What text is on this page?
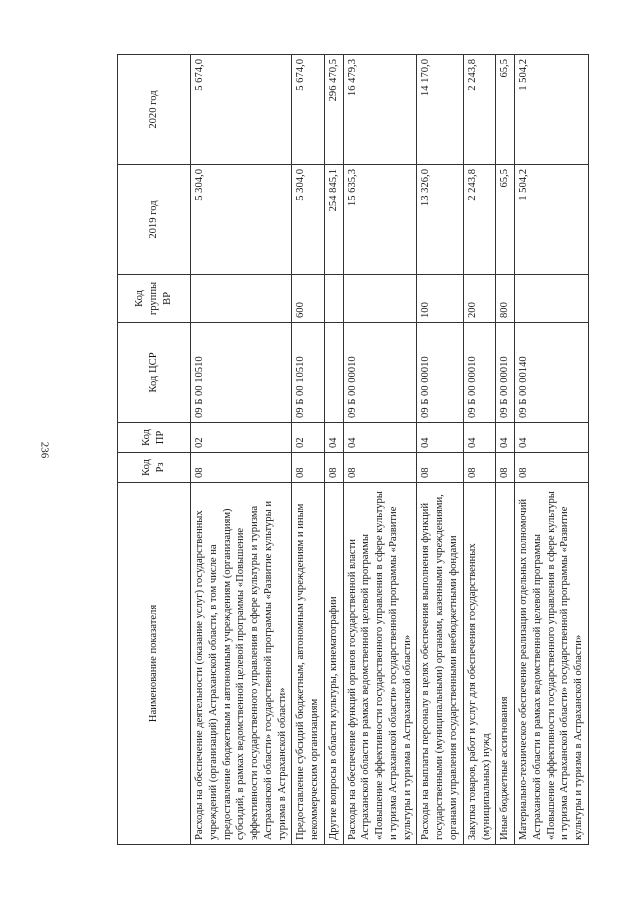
236
Наименование показателя	Код Рз	Код ПР	Код ЦСР	Код группы ВР	2019 год	2020 год
Расходы на обеспечение деятельности (оказание услуг) государственных учреждений (организаций) Астраханской области, в том числе на предоставление бюджетным и автономным учреждениям (организациям) субсидий, в рамках ведомственной целевой программы «Повышение эффективности государственного управления в сфере культуры и туризма Астраханской области» государственной программы «Развитие культуры и туризма в Астраханской области»	08	02	09 Б 00 10510		5 304,0	5 674,0
Предоставление субсидий бюджетным, автономным учреждениям и иным некоммерческим организациям	08	02	09 Б 00 10510	600	5 304,0	5 674,0
Другие вопросы в области культуры, кинематографии	08	04			254 845,1	296 470,5
Расходы на обеспечение функций органов государственной власти Астраханской области в рамках ведомственной целевой программы «Повышение эффективности государственного управления в сфере культуры и туризма Астраханской области» государственной программы «Развитие культуры и туризма в Астраханской области»	08	04	09 Б 00 00010		15 635,3	16 479,3
Расходы на выплаты персоналу в целях обеспечения выполнения функций государственными (муниципальными) органами, казенными учреждениями, органами управления государственными внебюджетными фондами	08	04	09 Б 00 00010	100	13 326,0	14 170,0
Закупка товаров, работ и услуг для обеспечения государственных (муниципальных) нужд	08	04	09 Б 00 00010	200	2 243,8	2 243,8
Иные бюджетные ассигнования	08	04	09 Б 00 00010	800	65,5	65,5
Материально-техническое обеспечение реализации отдельных полномочий Астраханской области в рамках ведомственной целевой программы «Повышение эффективности государственного управления в сфере культуры и туризма Астраханской области» государственной программы «Развитие культуры и туризма в Астраханской области»	08	04	09 Б 00 00140		1 504,2	1 504,2
